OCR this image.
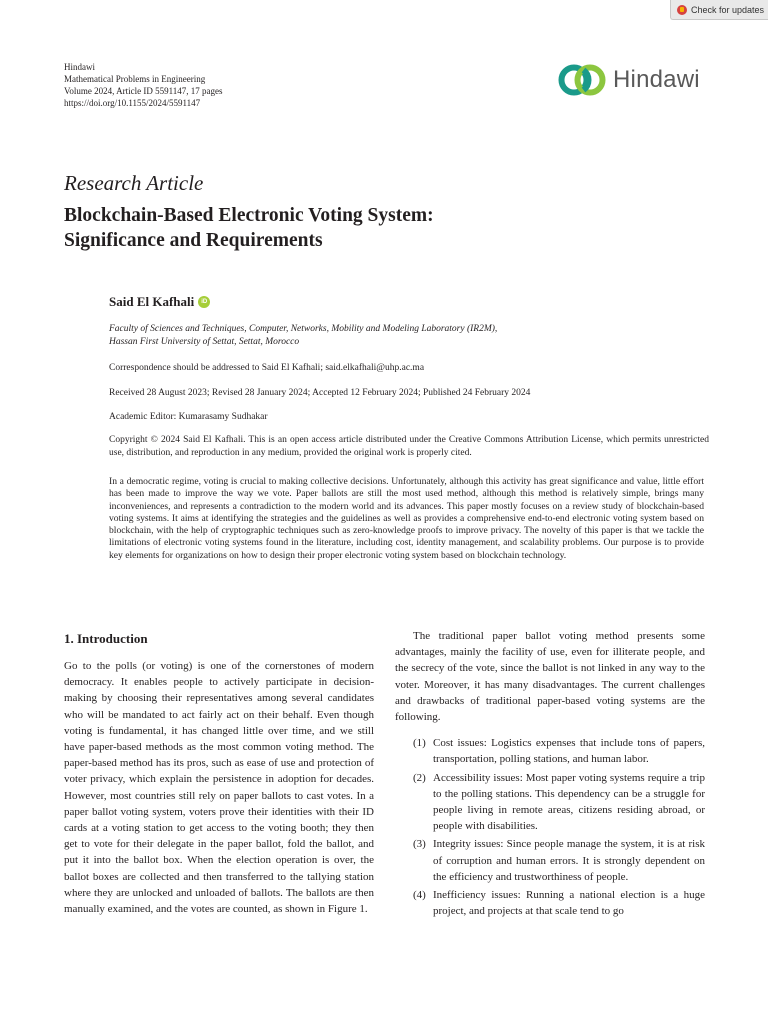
Check for updates
Hindawi
Mathematical Problems in Engineering
Volume 2024, Article ID 5591147, 17 pages
https://doi.org/10.1155/2024/5591147
Hindawi
Research Article
Blockchain-Based Electronic Voting System:
Significance and Requirements
Said El Kafhali	iD
Faculty of Sciences and Techniques, Computer, Networks, Mobility and Modeling Laboratory (IR2M),
Hassan First University of Settat, Settat, Morocco
Correspondence should be addressed to Said El Kafhali; said.elkafhali@uhp.ac.ma
Received 28 August 2023; Revised 28 January 2024; Accepted 12 February 2024; Published 24 February 2024
Academic Editor: Kumarasamy Sudhakar
Copyright © 2024 Said El Kafhali. This is an open access article distributed under the Creative Commons Attribution License, which permits unrestricted use, distribution, and reproduction in any medium, provided the original work is properly cited.
In a democratic regime, voting is crucial to making collective decisions. Unfortunately, although this activity has great significance and value, little effort has been made to improve the way we vote. Paper ballots are still the most used method, although this method is relatively simple, brings many inconveniences, and represents a contradiction to the modern world and its advances. This paper mostly focuses on a review study of blockchain-based voting systems. It aims at identifying the strategies and the guidelines as well as provides a comprehensive end-to-end electronic voting system based on blockchain, with the help of cryptographic techniques such as zero-knowledge proofs to improve privacy. The novelty of this paper is that we tackle the limitations of electronic voting systems found in the literature, including cost, identity management, and scalability problems. Our purpose is to provide key elements for organizations on how to design their proper electronic voting system based on blockchain technology.
1. Introduction

Go to the polls (or voting) is one of the cornerstones of modern democracy. It enables people to actively participate in decision-making by choosing their representatives among several candidates who will be mandated to act fairly act on their behalf. Even though voting is fundamental, it has changed little over time, and we still have paper-based methods as the most common voting method. The paper-based method has its pros, such as ease of use and protection of voter privacy, which explain the persistence in adoption for decades. However, most countries still rely on paper ballots to cast votes. In a paper ballot voting system, voters prove their identities with their ID cards at a voting station to get access to the voting booth; they then get to vote for their delegate in the paper ballot, fold the ballot, and put it into the ballot box. When the election operation is over, the ballot boxes are collected and then transferred to the tallying station where they are unlocked and unloaded of ballots. The ballots are then manually examined, and the votes are counted, as shown in Figure 1.

The traditional paper ballot voting method presents some advantages, mainly the facility of use, even for illiterate people, and the secrecy of the vote, since the ballot is not linked in any way to the voter. Moreover, it has many disadvantages. The current challenges and drawbacks of traditional paper-based voting systems are the following.

(1) Cost issues: Logistics expenses that include tons of papers, transportation, polling stations, and human labor.
(2) Accessibility issues: Most paper voting systems require a trip to the polling stations. This dependency can be a struggle for people living in remote areas, citizens residing abroad, or people with disabilities.
(3) Integrity issues: Since people manage the system, it is at risk of corruption and human errors. It is strongly dependent on the efficiency and trustworthiness of people.
(4) Inefficiency issues: Running a national election is a huge project, and projects at that scale tend to go
